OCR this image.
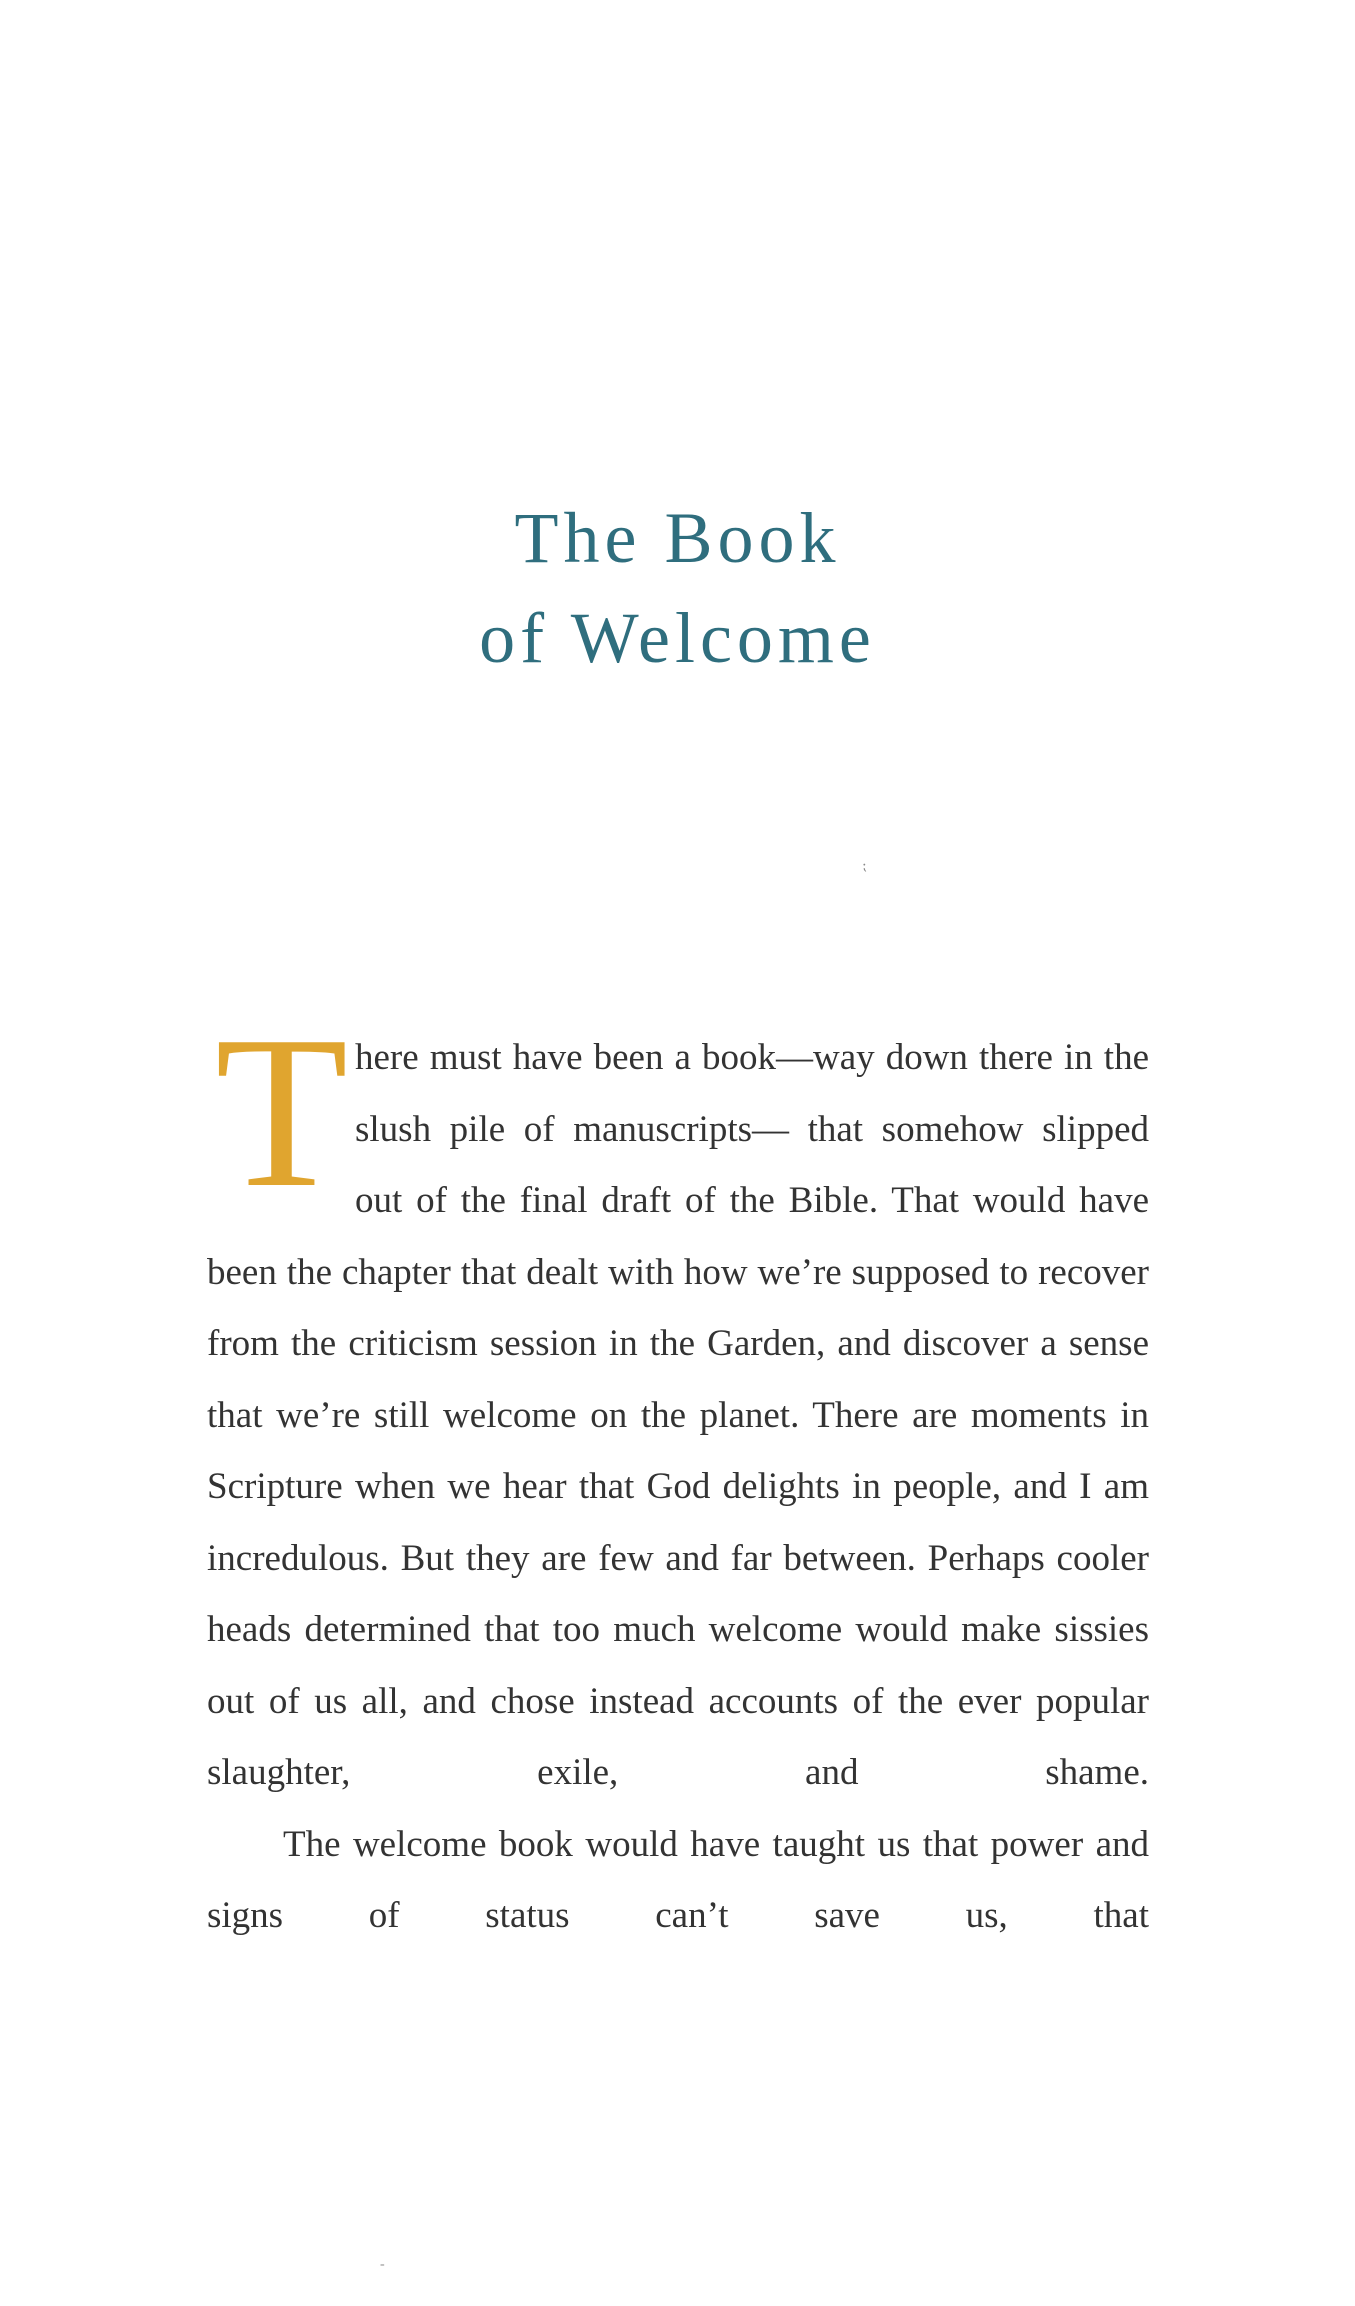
The Book
of Welcome
⁏

There must have been a book—way down there in the slush pile of manuscripts— that somehow slipped out of the final draft of the Bible. That would have been the chapter that dealt with how we’re supposed to recover from the criticism session in the Garden, and discover a sense that we’re still welcome on the planet. There are moments in Scripture when we hear that God delights in people, and I am incredulous. But they are few and far between. Perhaps cooler heads determined that too much welcome would make sissies out of us all, and chose instead accounts of the ever popular slaughter, exile, and shame.

The welcome book would have taught us that power and signs of status can’t save us, that

‐
